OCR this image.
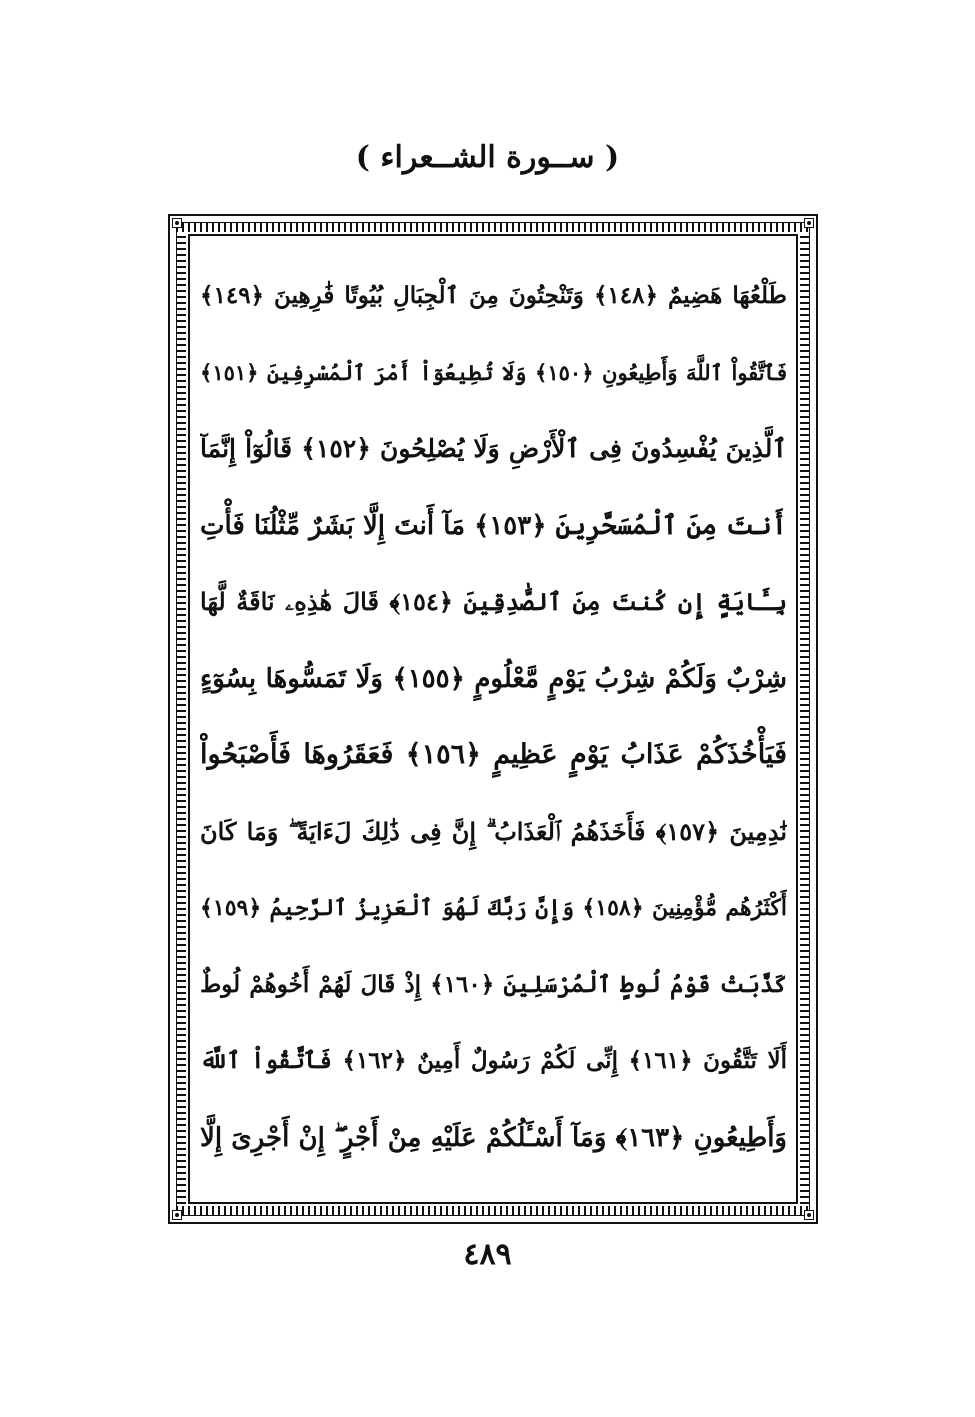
( ســورة الشــعراء )
طَلْعُهَا هَضِيمٌ ﴿١٤٨﴾ وَتَنْحِتُونَ مِنَ ٱلْجِبَالِ بُيُوتًا فَٰرِهِينَ ﴿١٤٩﴾
فَٱتَّقُواْ ٱللَّهَ وَأَطِيعُونِ ﴿١٥٠﴾ وَلَا تُطِيعُوٓاْ أَمْرَ ٱلْمُسْرِفِينَ ﴿١٥١﴾
ٱلَّذِينَ يُفْسِدُونَ فِى ٱلْأَرْضِ وَلَا يُصْلِحُونَ ﴿١٥٢﴾ قَالُوٓاْ إِنَّمَآ
أَنتَ مِنَ ٱلْمُسَحَّرِينَ ﴿١٥٣﴾ مَآ أَنتَ إِلَّا بَشَرٌ مِّثْلُنَا فَأْتِ
بِـَٔايَةٍ إِن كُنتَ مِنَ ٱلصَّٰدِقِينَ ﴿١٥٤﴾ قَالَ هَٰذِهِۦ نَاقَةٌ لَّهَا
شِرْبٌ وَلَكُمْ شِرْبُ يَوْمٍ مَّعْلُومٍ ﴿١٥٥﴾ وَلَا تَمَسُّوهَا بِسُوٓءٍ
فَيَأْخُذَكُمْ عَذَابُ يَوْمٍ عَظِيمٍ ﴿١٥٦﴾ فَعَقَرُوهَا فَأَصْبَحُواْ
نَٰدِمِينَ ﴿١٥٧﴾ فَأَخَذَهُمُ ٱلْعَذَابُ ۗ إِنَّ فِى ذَٰلِكَ لَءَايَةً ۖ وَمَا كَانَ
أَكْثَرُهُم مُّؤْمِنِينَ ﴿١٥٨﴾ وَإِنَّ رَبَّكَ لَهُوَ ٱلْعَزِيزُ ٱلرَّحِيمُ ﴿١٥٩﴾
كَذَّبَتْ قَوْمُ لُوطٍ ٱلْمُرْسَلِينَ ﴿١٦٠﴾ إِذْ قَالَ لَهُمْ أَخُوهُمْ لُوطٌ
أَلَا تَتَّقُونَ ﴿١٦١﴾ إِنِّى لَكُمْ رَسُولٌ أَمِينٌ ﴿١٦٢﴾ فَٱتَّقُواْ ٱللَّهَ
وَأَطِيعُونِ ﴿١٦٣﴾ وَمَآ أَسْـَٔلُكُمْ عَلَيْهِ مِنْ أَجْرٍ ۖ إِنْ أَجْرِىَ إِلَّا
٤٨٩
